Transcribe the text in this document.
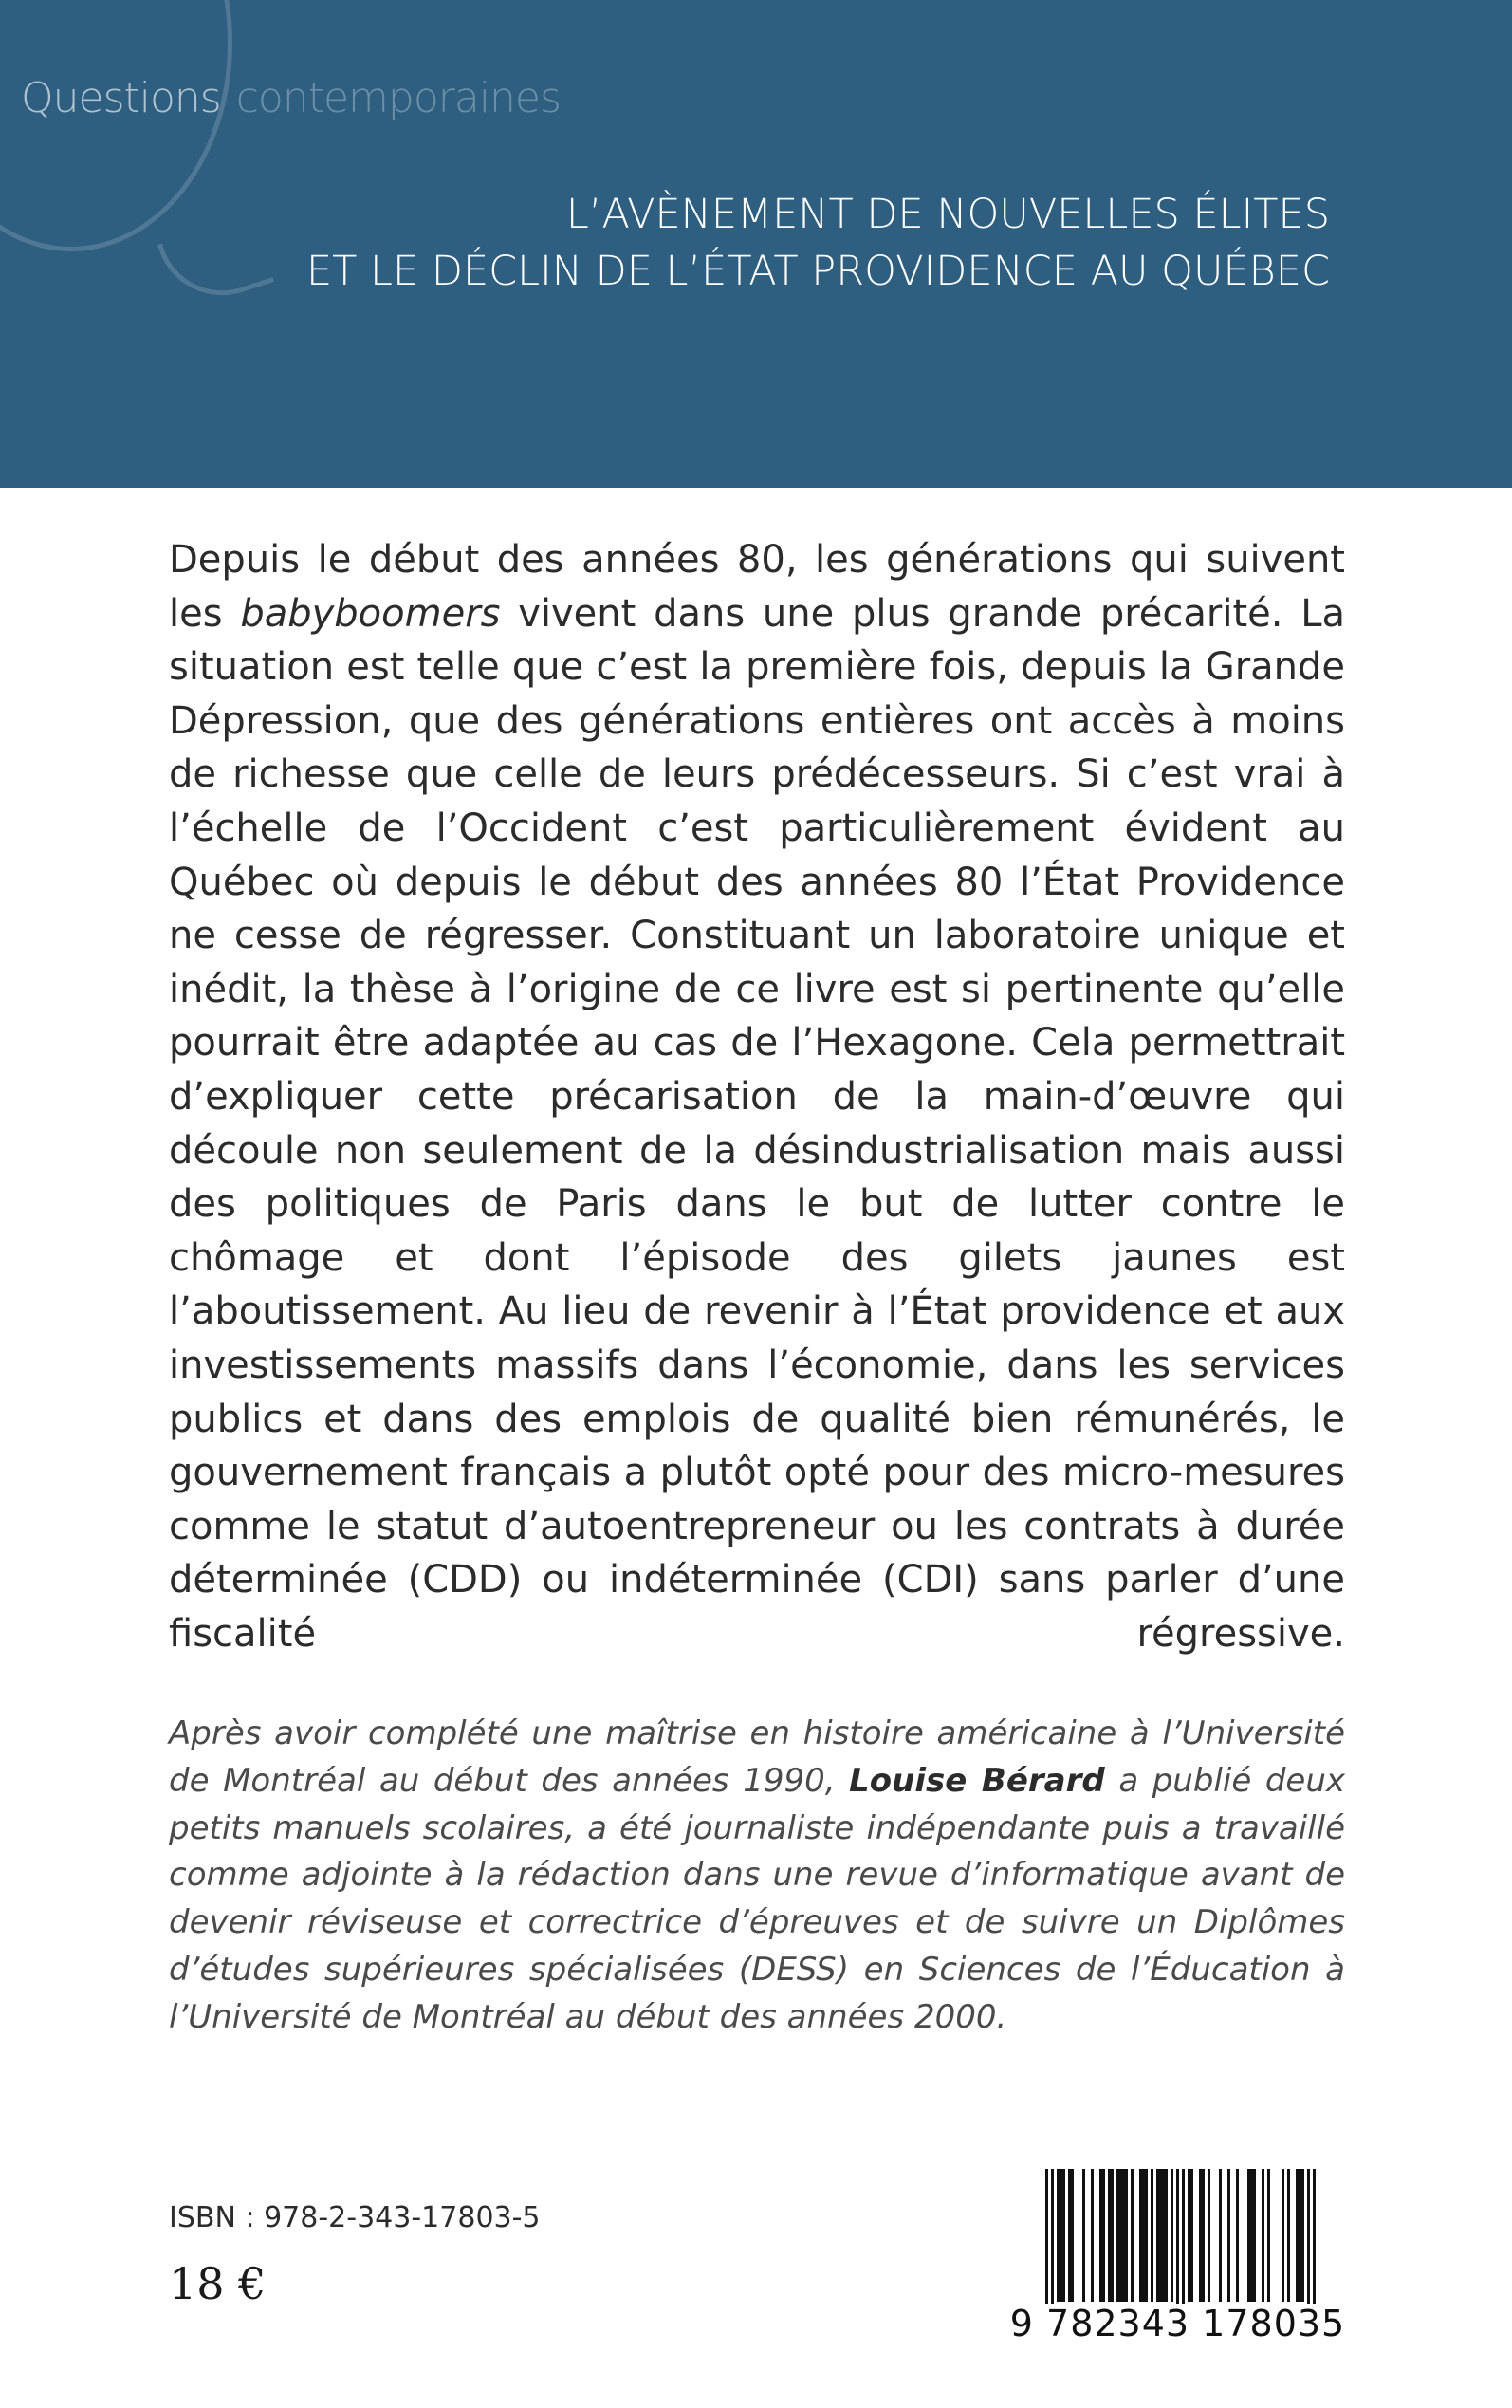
Questions contemporaines

L’AVÈNEMENT DE NOUVELLES ÉLITES
ET LE DÉCLIN DE L’ÉTAT PROVIDENCE AU QUÉBEC

Depuis le début des années 80, les générations qui suivent les babyboomers vivent dans une plus grande précarité. La situation est telle que c’est la première fois, depuis la Grande Dépression, que des générations entières ont accès à moins de richesse que celle de leurs prédécesseurs. Si c’est vrai à l’échelle de l’Occident c’est particulièrement évident au Québec où depuis le début des années 80 l’État Providence ne cesse de régresser. Constituant un laboratoire unique et inédit, la thèse à l’origine de ce livre est si pertinente qu’elle pourrait être adaptée au cas de l’Hexagone. Cela permettrait d’expliquer cette précarisation de la main-d’œuvre qui découle non seulement de la désindustrialisation mais aussi des politiques de Paris dans le but de lutter contre le chômage et dont l’épisode des gilets jaunes est l’aboutissement. Au lieu de revenir à l’État providence et aux investissements massifs dans l’économie, dans les services publics et dans des emplois de qualité bien rémunérés, le gouvernement français a plutôt opté pour des micro-mesures comme le statut d’autoentrepreneur ou les contrats à durée déterminée (CDD) ou indéterminée (CDI) sans parler d’une fiscalité régressive.

Après avoir complété une maîtrise en histoire américaine à l’Université de Montréal au début des années 1990, Louise Bérard a publié deux petits manuels scolaires, a été journaliste indépendante puis a travaillé comme adjointe à la rédaction dans une revue d’informatique avant de devenir réviseuse et correctrice d’épreuves et de suivre un Diplômes d’études supérieures spécialisées (DESS) en Sciences de l’Éducation à l’Université de Montréal au début des années 2000.

ISBN : 978-2-343-17803-5

18 €

9 782343 178035
